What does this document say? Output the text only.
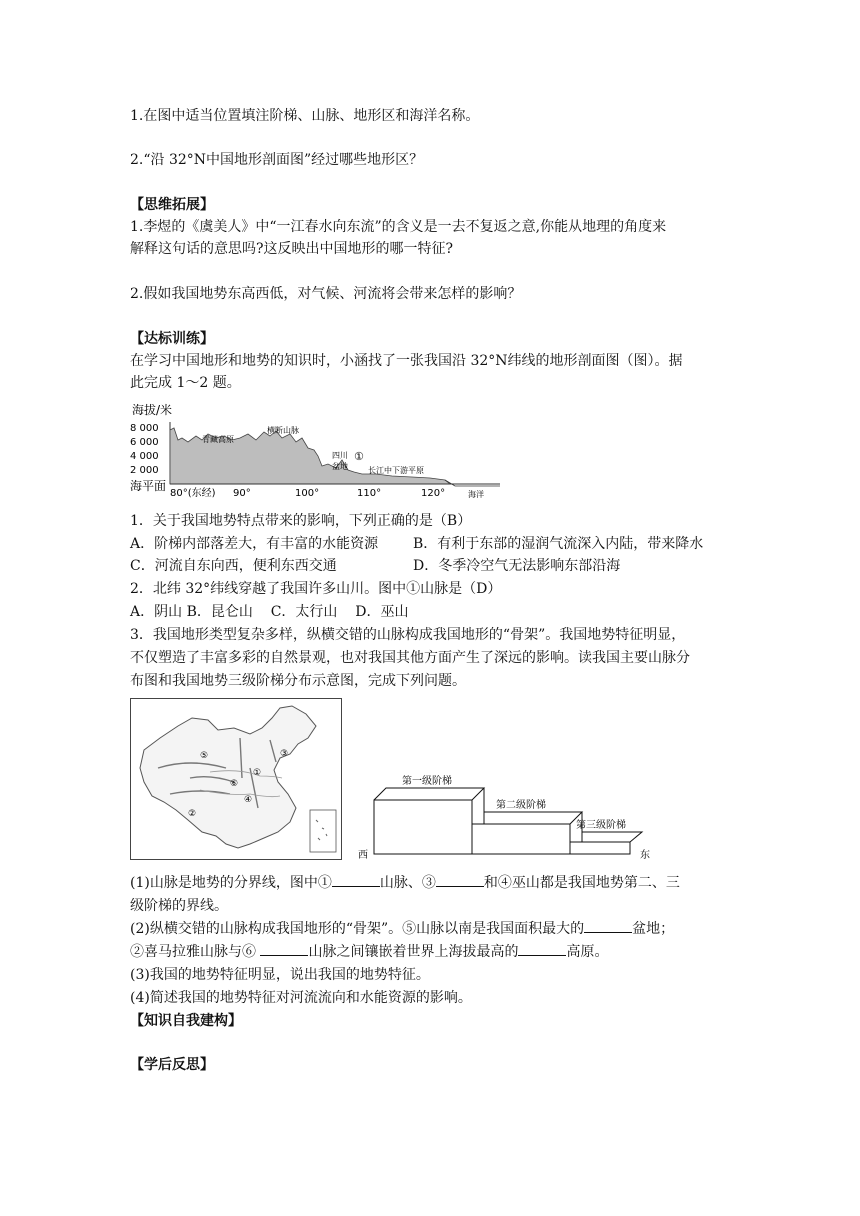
1.在图中适当位置填注阶梯、山脉、地形区和海洋名称。
2.“沿 32°N中国地形剖面图”经过哪些地形区？
【思维拓展】
1.李煜的《虞美人》中“一江春水向东流”的含义是一去不复返之意,你能从地理的角度来
解释这句话的意思吗?这反映出中国地形的哪一特征?
2.假如我国地势东高西低，对气候、河流将会带来怎样的影响？
【达标训练】
在学习中国地形和地势的知识时，小涵找了一张我国沿 32°N纬线的地形剖面图（图）。据
此完成 1～2 题。
海拔/米
8 000
6 000
4 000
2 000
青藏高原
横断山脉
四川
盆地
①
长江中下游平原
海洋
海平面
80°(东经) 90°	100°	110°	120°
1．关于我国地势特点带来的影响，下列正确的是（B）
A．阶梯内部落差大，有丰富的水能资源 B．有利于东部的湿润气流深入内陆，带来降水
C．河流自东向西，便利东西交通	D．冬季冷空气无法影响东部沿海
2．北纬 32°纬线穿越了我国许多山川。图中①山脉是（D）
A．阴山 B．昆仑山 C．太行山 D．巫山
3．我国地形类型复杂多样，纵横交错的山脉构成我国地形的“骨架”。我国地势特征明显，
不仅塑造了丰富多彩的自然景观，也对我国其他方面产生了深远的影响。读我国主要山脉分
布图和我国地势三级阶梯分布示意图，完成下列问题。
①
②
③
④
⑤
⑥	第一级阶梯
第二级阶梯
第三级阶梯
西	东
(1)山脉是地势的分界线，图中①	山脉、③	和④巫山都是我国地势第二、三
级阶梯的界线。
(2)纵横交错的山脉构成我国地形的“骨架”。⑤山脉以南是我国面积最大的	盆地；
②喜马拉雅山脉与⑥	山脉之间镶嵌着世界上海拔最高的	高原。
(3)我国的地势特征明显，说出我国的地势特征。
(4)简述我国的地势特征对河流流向和水能资源的影响。
【知识自我建构】
【学后反思】
